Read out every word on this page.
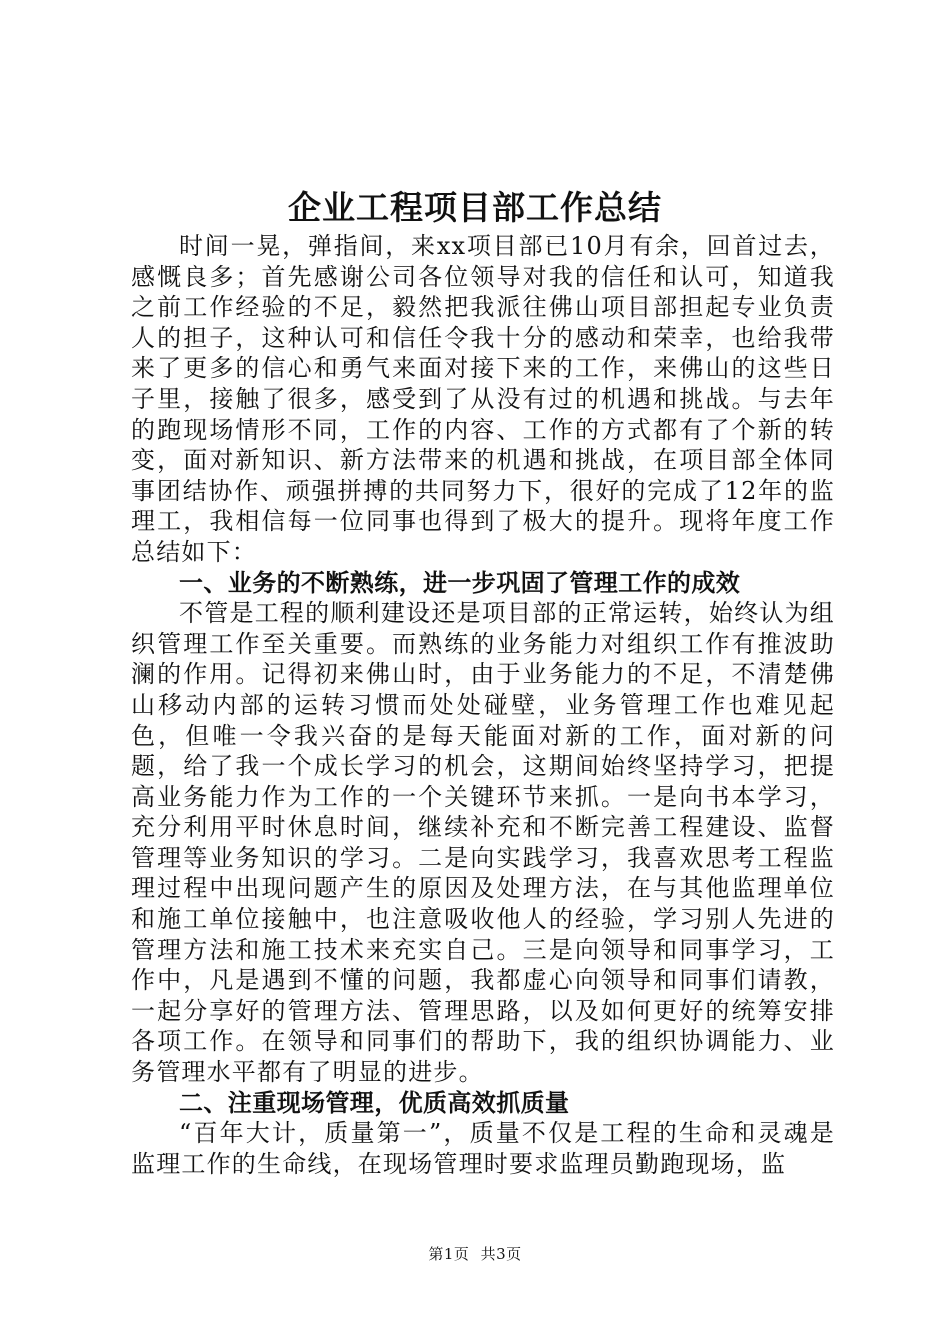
企业工程项目部工作总结

时间一晃，弹指间，来xx项目部已10月有余，回首过去，感慨良多；首先感谢公司各位领导对我的信任和认可，知道我之前工作经验的不足，毅然把我派往佛山项目部担起专业负责人的担子，这种认可和信任令我十分的感动和荣幸，也给我带来了更多的信心和勇气来面对接下来的工作，来佛山的这些日子里，接触了很多，感受到了从没有过的机遇和挑战。与去年的跑现场情形不同，工作的内容、工作的方式都有了个新的转变，面对新知识、新方法带来的机遇和挑战，在项目部全体同事团结协作、顽强拼搏的共同努力下，很好的完成了12年的监理工，我相信每一位同事也得到了极大的提升。现将年度工作总结如下：

一、业务的不断熟练，进一步巩固了管理工作的成效

不管是工程的顺利建设还是项目部的正常运转，始终认为组织管理工作至关重要。而熟练的业务能力对组织工作有推波助澜的作用。记得初来佛山时，由于业务能力的不足，不清楚佛山移动内部的运转习惯而处处碰壁，业务管理工作也难见起色，但唯一令我兴奋的是每天能面对新的工作，面对新的问题，给了我一个成长学习的机会，这期间始终坚持学习，把提高业务能力作为工作的一个关键环节来抓。一是向书本学习，充分利用平时休息时间，继续补充和不断完善工程建设、监督管理等业务知识的学习。二是向实践学习，我喜欢思考工程监理过程中出现问题产生的原因及处理方法，在与其他监理单位和施工单位接触中，也注意吸收他人的经验，学习别人先进的管理方法和施工技术来充实自己。三是向领导和同事学习，工作中，凡是遇到不懂的问题，我都虚心向领导和同事们请教，一起分享好的管理方法、管理思路，以及如何更好的统筹安排各项工作。在领导和同事们的帮助下，我的组织协调能力、业务管理水平都有了明显的进步。

二、注重现场管理，优质高效抓质量

“百年大计，质量第一”，质量不仅是工程的生命和灵魂是监理工作的生命线，在现场管理时要求监理员勤跑现场，监

第1页 共3页
